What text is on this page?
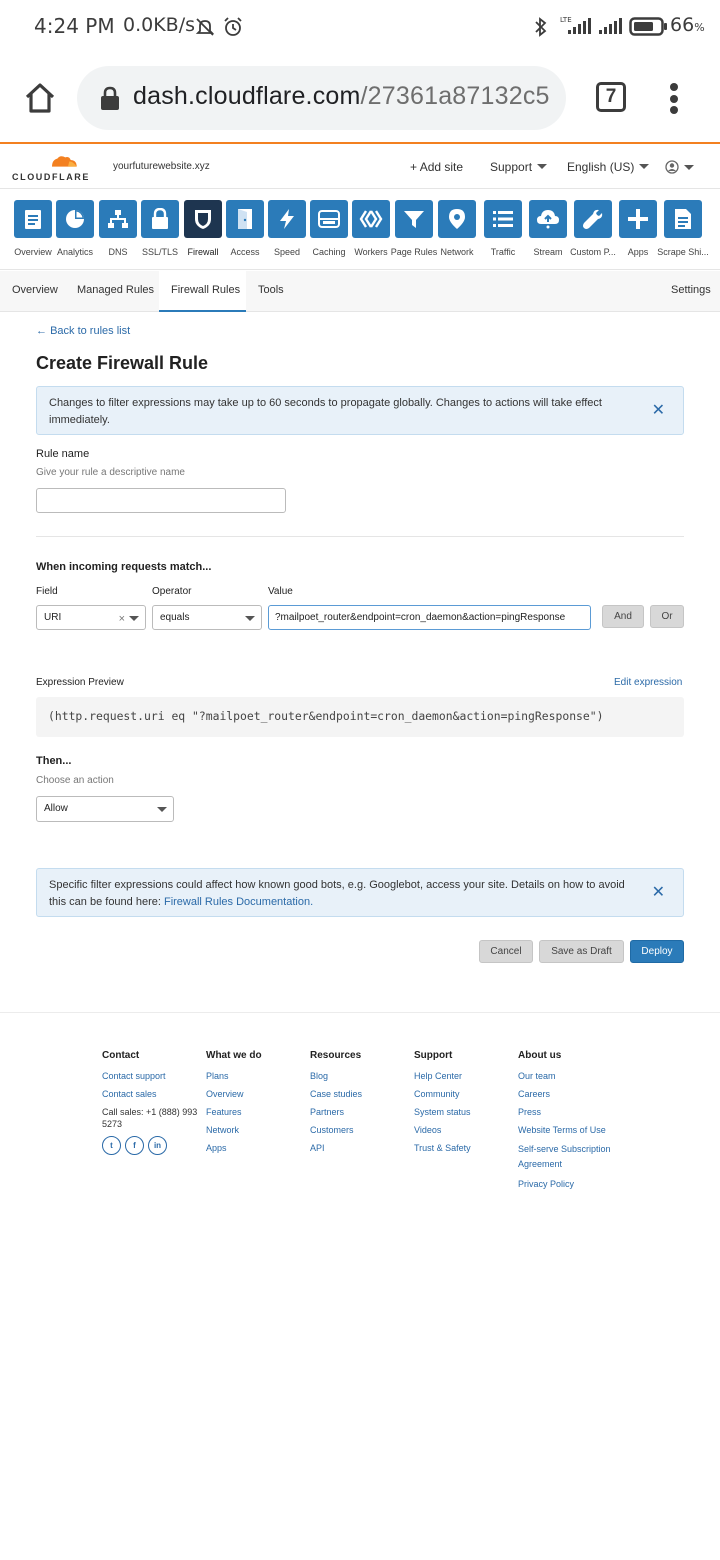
4:24 PM 0.0KB/s	LTE	66%
dash.cloudflare.com/27361a87132c5	7
CLOUDFLARE
yourfuturewebsite.xyz	+ Add site Support	English (US)
Overview Analytics	DNS	SSL/TLS	Firewall	Access	Speed	Caching Workers Page Rules Network	Traffic	Stream Custom P...	Apps Scrape Shi...
Overview Managed Rules Firewall Rules Tools	Settings
← Back to rules list
Create Firewall Rule
Changes to filter expressions may take up to 60 seconds to propagate globally. Changes to actions will take effect immediately.
✕
Rule name
Give your rule a descriptive name
When incoming requests match...
Field	Operator	Value
URI	×	equals	?mailpoet_router&endpoint=cron_daemon&action=pingResponse	And	Or
Expression Preview	Edit expression
(http.request.uri eq "?mailpoet_router&endpoint=cron_daemon&action=pingResponse")
Then...
Choose an action
Allow
Specific filter expressions could affect how known good bots, e.g. Googlebot, access your site. Details on how to avoid this can be found here: Firewall Rules Documentation.
✕
Cancel	Save as Draft	Deploy
Contact
Contact support
Contact sales
Call sales: +1 (888) 993 5273
t	f	in
What we do
Plans
Overview
Features
Network
Apps
Resources
Blog
Case studies
Partners
Customers
API
Support
Help Center
Community
System status
Videos
Trust & Safety
About us
Our team
Careers
Press
Website Terms of Use
Self-serve Subscription Agreement
Privacy Policy
